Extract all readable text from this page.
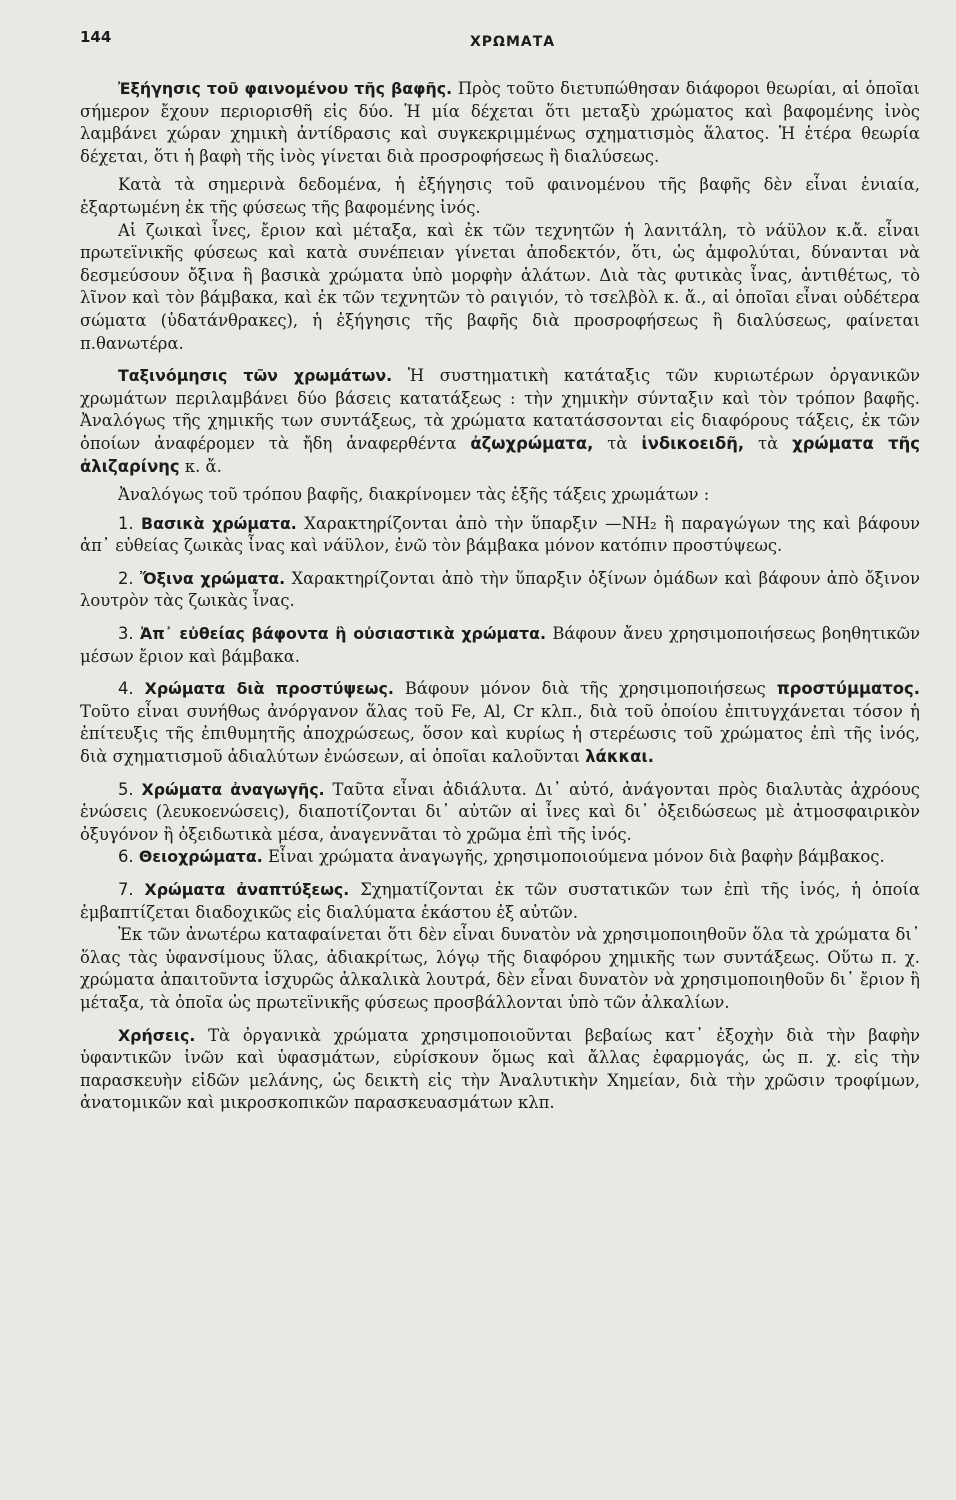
144	ΧΡΩΜΑΤΑ

Ἐξήγησις τοῦ φαινομένου τῆς βαφῆς. Πρὸς τοῦτο διετυπώθησαν διάφοροι θεωρίαι, αἱ ὁποῖαι σήμερον ἔχουν περιορισθῆ εἰς δύο. Ἡ μία δέχεται ὅτι μεταξὺ χρώματος καὶ βαφομένης ἰνὸς λαμβάνει χώραν χημικὴ ἀντίδρασις καὶ συγκεκριμμένως σχηματισμὸς ἅλατος. Ἡ ἑτέρα θεωρία δέχεται, ὅτι ἡ βαφὴ τῆς ἰνὸς γίνεται διὰ προσροφήσεως ἢ διαλύσεως.

Κατὰ τὰ σημερινὰ δεδομένα, ἡ ἐξήγησις τοῦ φαινομένου τῆς βαφῆς δὲν εἶναι ἑνιαία, ἐξαρτωμένη ἐκ τῆς φύσεως τῆς βαφομένης ἰνός.

Αἱ ζωικαὶ ἶνες, ἔριον καὶ μέταξα, καὶ ἐκ τῶν τεχνητῶν ἡ λανιτάλη, τὸ νάϋλον κ.ἄ. εἶναι πρωτεϊνικῆς φύσεως καὶ κατὰ συνέπειαν γίνεται ἀποδεκτόν, ὅτι, ὡς ἀμφολύται, δύνανται νὰ δεσμεύσουν ὄξινα ἢ βασικὰ χρώματα ὑπὸ μορφὴν ἁλάτων. Διὰ τὰς φυτικὰς ἶνας, ἀντιθέτως, τὸ λῖνον καὶ τὸν βάμβακα, καὶ ἐκ τῶν τεχνητῶν τὸ ραιγιόν, τὸ τσελβὸλ κ. ἄ., αἱ ὁποῖαι εἶναι οὐδέτερα σώματα (ὑδατάνθρακες), ἡ ἐξήγησις τῆς βαφῆς διὰ προσροφήσεως ἢ διαλύσεως, φαίνεται π.θανωτέρα.

Ταξινόμησις τῶν χρωμάτων. Ἡ συστηματικὴ κατάταξις τῶν κυριωτέρων ὀργανικῶν χρωμάτων περιλαμβάνει δύο βάσεις κατατάξεως : τὴν χημικὴν σύνταξιν καὶ τὸν τρόπον βαφῆς. Ἀναλόγως τῆς χημικῆς των συντάξεως, τὰ χρώματα κατατάσσονται εἰς διαφόρους τάξεις, ἐκ τῶν ὁποίων ἀναφέρομεν τὰ ἤδη ἀναφερθέντα ἀζωχρώματα, τὰ ἰνδικοειδῆ, τὰ χρώματα τῆς ἀλιζαρίνης κ. ἄ.

Ἀναλόγως τοῦ τρόπου βαφῆς, διακρίνομεν τὰς ἑξῆς τάξεις χρωμάτων :

1. Βασικὰ χρώματα. Χαρακτηρίζονται ἀπὸ τὴν ὕπαρξιν —NH₂ ἢ παραγώγων της καὶ βάφουν ἀπ᾿ εὐθείας ζωικὰς ἶνας καὶ νάϋλον, ἐνῶ τὸν βάμβακα μόνον κατόπιν προστύψεως.

2. Ὄξινα χρώματα. Χαρακτηρίζονται ἀπὸ τὴν ὕπαρξιν ὀξίνων ὁμάδων καὶ βάφουν ἀπὸ ὄξινον λουτρὸν τὰς ζωικὰς ἶνας.

3. Ἀπ᾿ εὐθείας βάφοντα ἢ οὐσιαστικὰ χρώματα. Βάφουν ἄνευ χρησιμοποιήσεως βοηθητικῶν μέσων ἔριον καὶ βάμβακα.

4. Χρώματα διὰ προστύψεως. Βάφουν μόνον διὰ τῆς χρησιμοποιήσεως προστύμματος. Τοῦτο εἶναι συνήθως ἀνόργανον ἅλας τοῦ Fe, Al, Cr κλπ., διὰ τοῦ ὁποίου ἐπιτυγχάνεται τόσον ἡ ἐπίτευξις τῆς ἐπιθυμητῆς ἀποχρώσεως, ὅσον καὶ κυρίως ἡ στερέωσις τοῦ χρώματος ἐπὶ τῆς ἰνός, διὰ σχηματισμοῦ ἀδιαλύτων ἐνώσεων, αἱ ὁποῖαι καλοῦνται λάκκαι.

5. Χρώματα ἀναγωγῆς. Ταῦτα εἶναι ἀδιάλυτα. Δι᾿ αὐτό, ἀνάγονται πρὸς διαλυτὰς ἀχρόους ἑνώσεις (λευκοενώσεις), διαποτίζονται δι᾿ αὐτῶν αἱ ἶνες καὶ δι᾿ ὀξειδώσεως μὲ ἀτμοσφαιρικὸν ὀξυγόνον ἢ ὀξειδωτικὰ μέσα, ἀναγεννᾶται τὸ χρῶμα ἐπὶ τῆς ἰνός.

6. Θειοχρώματα. Εἶναι χρώματα ἀναγωγῆς, χρησιμοποιούμενα μόνον διὰ βαφὴν βάμβακος.

7. Χρώματα ἀναπτύξεως. Σχηματίζονται ἐκ τῶν συστατικῶν των ἐπὶ τῆς ἰνός, ἡ ὁποία ἐμβαπτίζεται διαδοχικῶς εἰς διαλύματα ἑκάστου ἐξ αὐτῶν.

Ἐκ τῶν ἀνωτέρω καταφαίνεται ὅτι δὲν εἶναι δυνατὸν νὰ χρησιμοποιηθοῦν ὅλα τὰ χρώματα δι᾿ ὅλας τὰς ὑφανσίμους ὕλας, ἀδιακρίτως, λόγῳ τῆς διαφόρου χημικῆς των συντάξεως. Οὕτω π. χ. χρώματα ἀπαιτοῦντα ἰσχυρῶς ἀλκαλικὰ λουτρά, δὲν εἶναι δυνατὸν νὰ χρησιμοποιηθοῦν δι᾿ ἔριον ἢ μέταξα, τὰ ὁποῖα ὡς πρωτεϊνικῆς φύσεως προσβάλλονται ὑπὸ τῶν ἀλκαλίων.

Χρήσεις. Τὰ ὀργανικὰ χρώματα χρησιμοποιοῦνται βεβαίως κατ᾿ ἐξοχὴν διὰ τὴν βαφὴν ὑφαντικῶν ἰνῶν καὶ ὑφασμάτων, εὑρίσκουν ὅμως καὶ ἄλλας ἐφαρμογάς, ὡς π. χ. εἰς τὴν παρασκευὴν εἰδῶν μελάνης, ὡς δεικτὴ εἰς τὴν Ἀναλυτικὴν Χημείαν, διὰ τὴν χρῶσιν τροφίμων, ἀνατομικῶν καὶ μικροσκοπικῶν παρασκευασμάτων κλπ.
